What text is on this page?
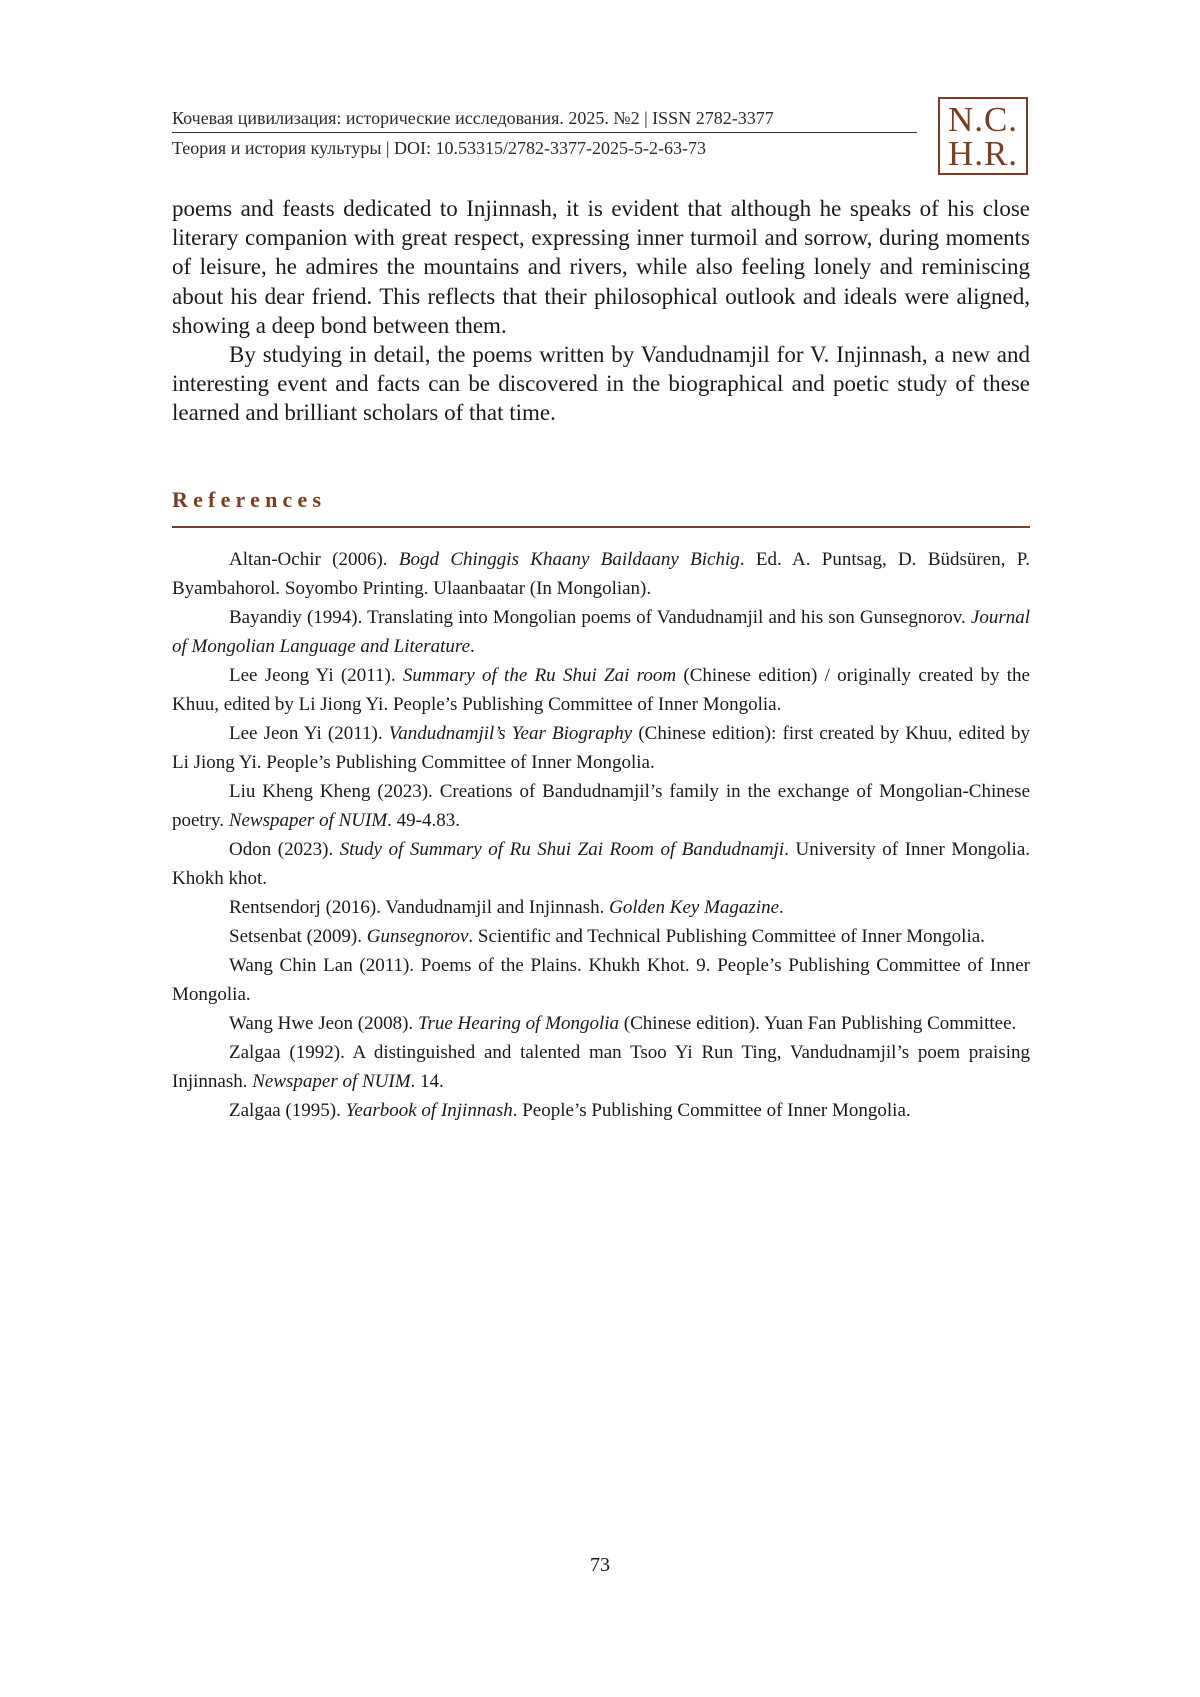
Кочевая цивилизация: исторические исследования. 2025. №2 | ISSN 2782-3377
Теория и история культуры | DOI: 10.53315/2782-3377-2025-5-2-63-73
N.C.
H.R.

poems and feasts dedicated to Injinnash, it is evident that although he speaks of his close literary companion with great respect, expressing inner turmoil and sorrow, during moments of leisure, he admires the mountains and rivers, while also feeling lonely and reminiscing about his dear friend. This reflects that their philosophical outlook and ideals were aligned, showing a deep bond between them.

By studying in detail, the poems written by Vandudnamjil for V. Injinnash, a new and interesting event and facts can be discovered in the biographical and poetic study of these learned and brilliant scholars of that time.

References

Altan-Ochir (2006). Bogd Chinggis Khaany Baildaany Bichig. Ed. A. Puntsag, D. Büdsüren, P. Byambahorol. Soyombo Printing. Ulaanbaatar (In Mongolian).

Bayandiy (1994). Translating into Mongolian poems of Vandudnamjil and his son Gunsegnorov. Journal of Mongolian Language and Literature.

Lee Jeong Yi (2011). Summary of the Ru Shui Zai room (Chinese edition) / originally created by the Khuu, edited by Li Jiong Yi. People’s Publishing Committee of Inner Mongolia.

Lee Jeon Yi (2011). Vandudnamjil’s Year Biography (Chinese edition): first created by Khuu, edited by Li Jiong Yi. People’s Publishing Committee of Inner Mongolia.

Liu Kheng Kheng (2023). Creations of Bandudnamjil’s family in the exchange of Mongolian-Chinese poetry. Newspaper of NUIM. 49-4.83.

Odon (2023). Study of Summary of Ru Shui Zai Room of Bandudnamji. University of Inner Mongolia. Khokh khot.

Rentsendorj (2016). Vandudnamjil and Injinnash. Golden Key Magazine.

Setsenbat (2009). Gunsegnorov. Scientific and Technical Publishing Committee of Inner Mongolia.

Wang Chin Lan (2011). Poems of the Plains. Khukh Khot. 9. People’s Publishing Committee of Inner Mongolia.

Wang Hwe Jeon (2008). True Hearing of Mongolia (Chinese edition). Yuan Fan Publishing Committee.

Zalgaa (1992). A distinguished and talented man Tsoo Yi Run Ting, Vandudnamjil’s poem praising Injinnash. Newspaper of NUIM. 14.

Zalgaa (1995). Yearbook of Injinnash. People’s Publishing Committee of Inner Mongolia.

73
